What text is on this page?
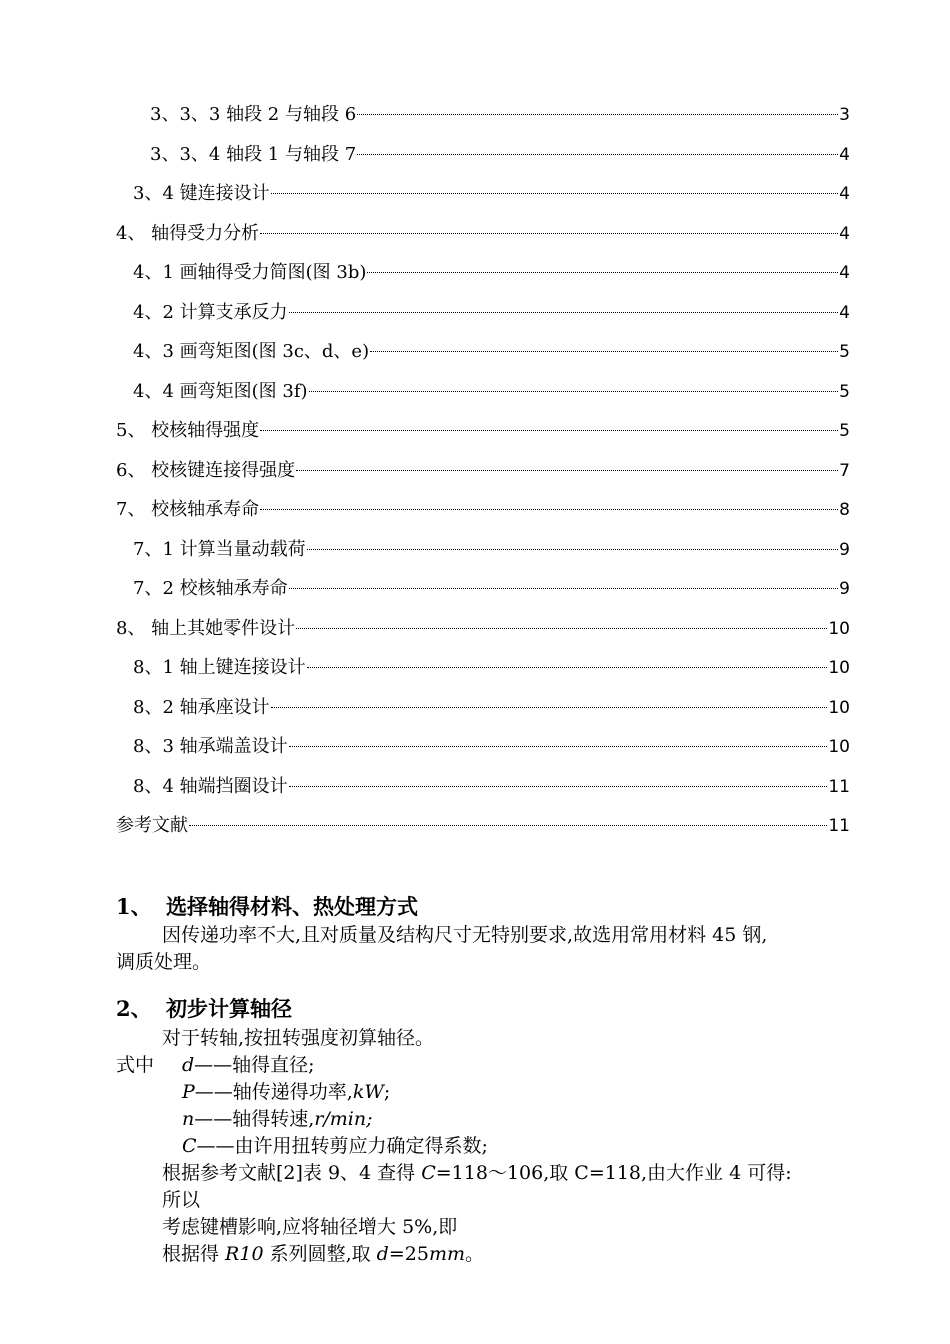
3、3、3 轴段 2 与轴段 6	3
3、3、4 轴段 1 与轴段 7	4
3、4 键连接设计	4
4、 轴得受力分析	4
4、1 画轴得受力简图(图 3b)	4
4、2 计算支承反力	4
4、3 画弯矩图(图 3c、d、e)	5
4、4 画弯矩图(图 3f)	5
5、 校核轴得强度	5
6、 校核键连接得强度	7
7、 校核轴承寿命	8
7、1 计算当量动载荷	9
7、2 校核轴承寿命	9
8、 轴上其她零件设计	10
8、1 轴上键连接设计	10
8、2 轴承座设计	10
8、3 轴承端盖设计	10
8、4 轴端挡圈设计	11
参考文献	11
1、 选择轴得材料、热处理方式
因传递功率不大,且对质量及结构尺寸无特别要求,故选用常用材料 45 钢,
调质处理。
2、 初步计算轴径
对于转轴,按扭转强度初算轴径。
式中 d——轴得直径;
P——轴传递得功率,kW;
n——轴得转速,r/min;
C——由许用扭转剪应力确定得系数;
根据参考文献[2]表 9、4 查得 C=118～106,取 C=118,由大作业 4 可得:
所以
考虑键槽影响,应将轴径增大 5%,即
根据得 R10 系列圆整,取 d=25mm。
